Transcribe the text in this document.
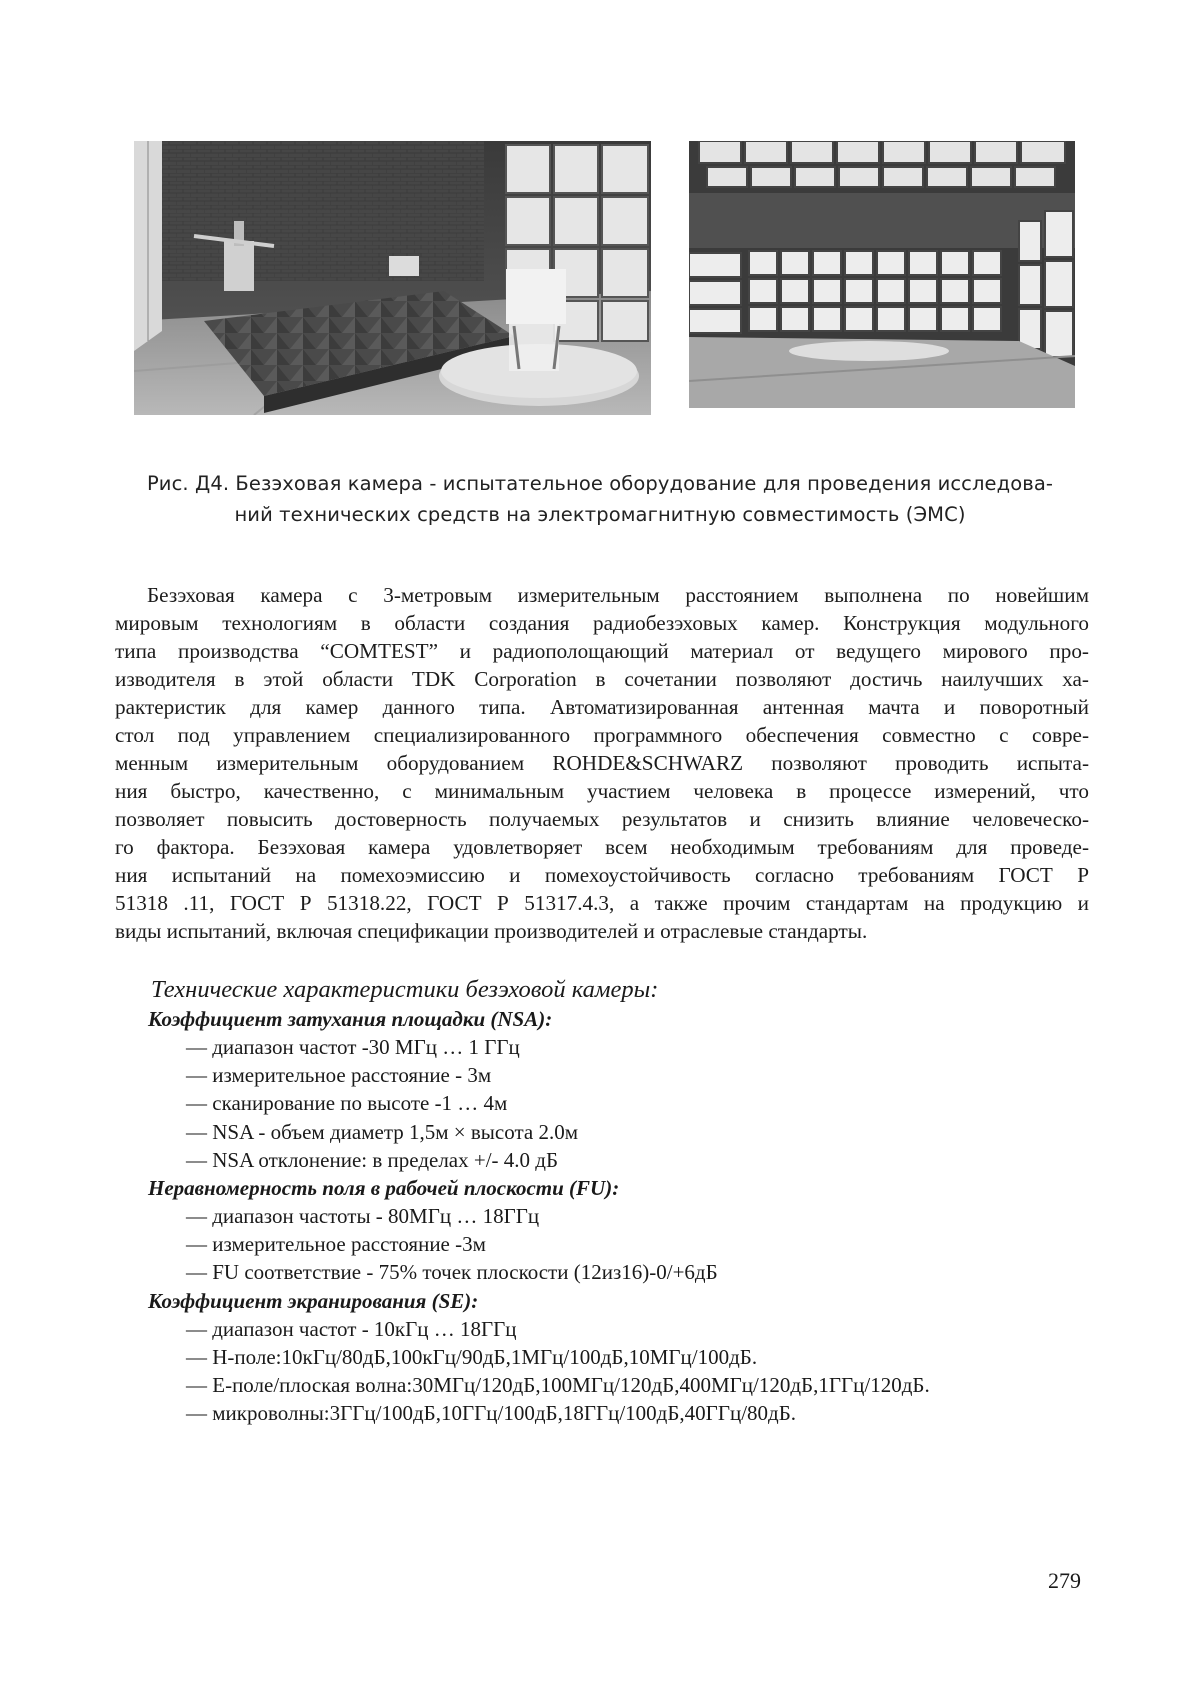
Рис. Д4. Безэховая камера - испытательное оборудование для проведения исследова-
ний технических средств на электромагнитную совместимость (ЭМС)
Безэховая камера с 3-метровым измерительным расстоянием выполнена по новейшим
мировым технологиям в области создания радиобезэховых камер. Конструкция модульного
типа производства “COMTEST” и радиополощающий материал от ведущего мирового про-
изводителя в этой области TDK Corporation в сочетании позволяют достичь наилучших ха-
рактеристик для камер данного типа. Автоматизированная антенная мачта и поворотный
стол под управлением специализированного программного обеспечения совместно с совре-
менным измерительным оборудованием ROHDE&SCHWARZ позволяют проводить испыта-
ния быстро, качественно, с минимальным участием человека в процессе измерений, что
позволяет повысить достоверность получаемых результатов и снизить влияние человеческо-
го фактора. Безэховая камера удовлетворяет всем необходимым требованиям для проведе-
ния испытаний на помехоэмиссию и помехоустойчивость согласно требованиям ГОСТ Р
51318 .11, ГОСТ Р 51318.22, ГОСТ Р 51317.4.3, а также прочим стандартам на продукцию и
виды испытаний, включая спецификации производителей и отраслевые стандарты.
Технические характеристики безэховой камеры:
Коэффициент затухания площадки (NSA):
— диапазон частот -30 МГц … 1 ГГц
— измерительное расстояние - 3м
— сканирование по высоте -1 … 4м
— NSA - объем диаметр 1,5м × высота 2.0м
— NSA отклонение: в пределах +/- 4.0 дБ
Неравномерность поля в рабочей плоскости (FU):
— диапазон частоты - 80МГц … 18ГГц
— измерительное расстояние -3м
— FU соответствие - 75% точек плоскости (12из16)-0/+6дБ
Коэффициент экранирования (SE):
— диапазон частот - 10кГц … 18ГГц
— H-поле:10кГц/80дБ,100кГц/90дБ,1МГц/100дБ,10МГц/100дБ.
— E-поле/плоская волна:30МГц/120дБ,100МГц/120дБ,400МГц/120дБ,1ГГц/120дБ.
— микроволны:3ГГц/100дБ,10ГГц/100дБ,18ГГц/100дБ,40ГГц/80дБ.
279
